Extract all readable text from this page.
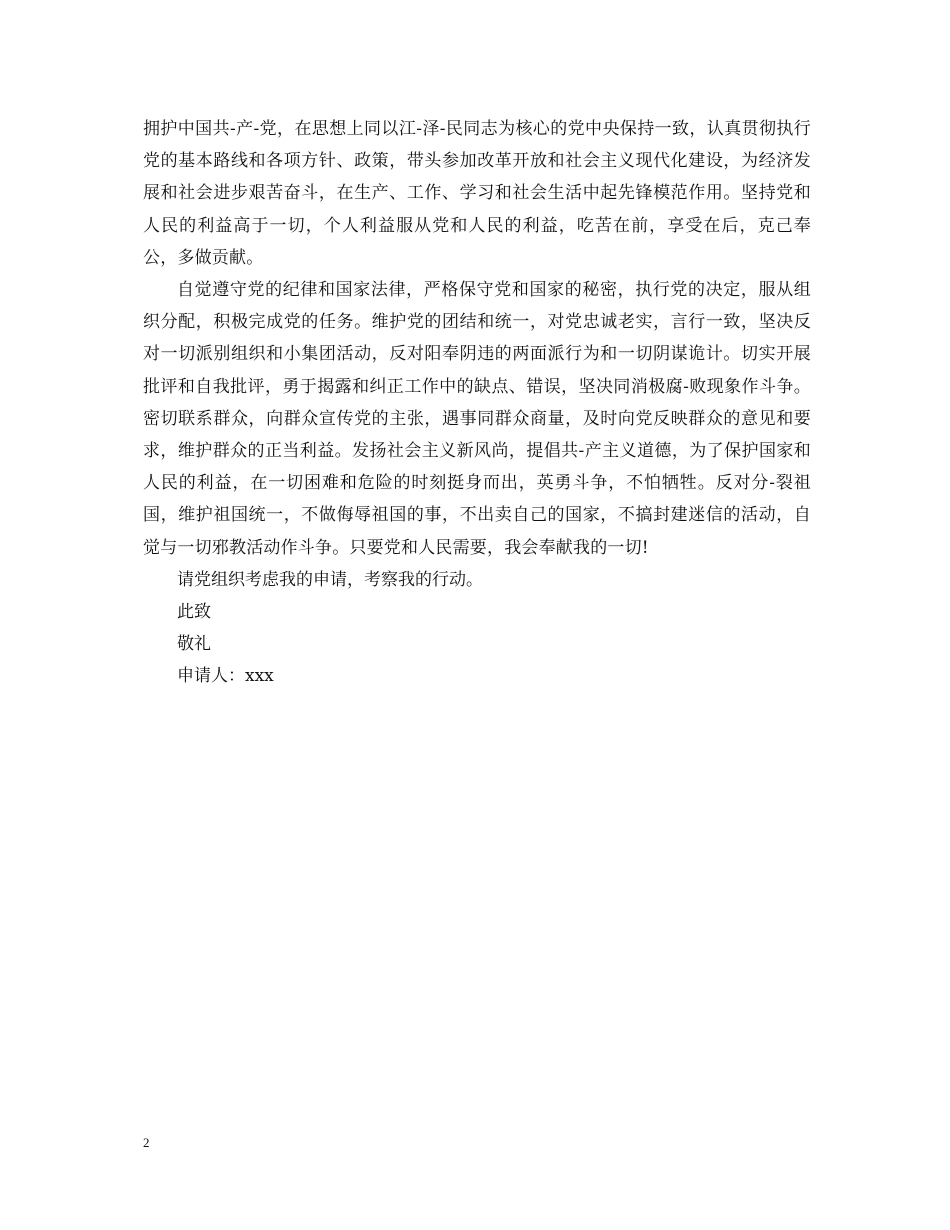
拥护中国共-产-党，在思想上同以江-泽-民同志为核心的党中央保持一致，认真贯彻执行党的基本路线和各项方针、政策，带头参加改革开放和社会主义现代化建设，为经济发展和社会进步艰苦奋斗，在生产、工作、学习和社会生活中起先锋模范作用。坚持党和人民的利益高于一切，个人利益服从党和人民的利益，吃苦在前，享受在后，克己奉公，多做贡献。

自觉遵守党的纪律和国家法律，严格保守党和国家的秘密，执行党的决定，服从组织分配，积极完成党的任务。维护党的团结和统一，对党忠诚老实，言行一致，坚决反对一切派别组织和小集团活动，反对阳奉阴违的两面派行为和一切阴谋诡计。切实开展批评和自我批评，勇于揭露和纠正工作中的缺点、错误，坚决同消极腐-败现象作斗争。密切联系群众，向群众宣传党的主张，遇事同群众商量，及时向党反映群众的意见和要求，维护群众的正当利益。发扬社会主义新风尚，提倡共-产主义道德，为了保护国家和人民的利益，在一切困难和危险的时刻挺身而出，英勇斗争，不怕牺牲。反对分-裂祖国，维护祖国统一，不做侮辱祖国的事，不出卖自己的国家，不搞封建迷信的活动，自觉与一切邪教活动作斗争。只要党和人民需要，我会奉献我的一切!

请党组织考虑我的申请，考察我的行动。

此致

敬礼

申请人：xxx

2
